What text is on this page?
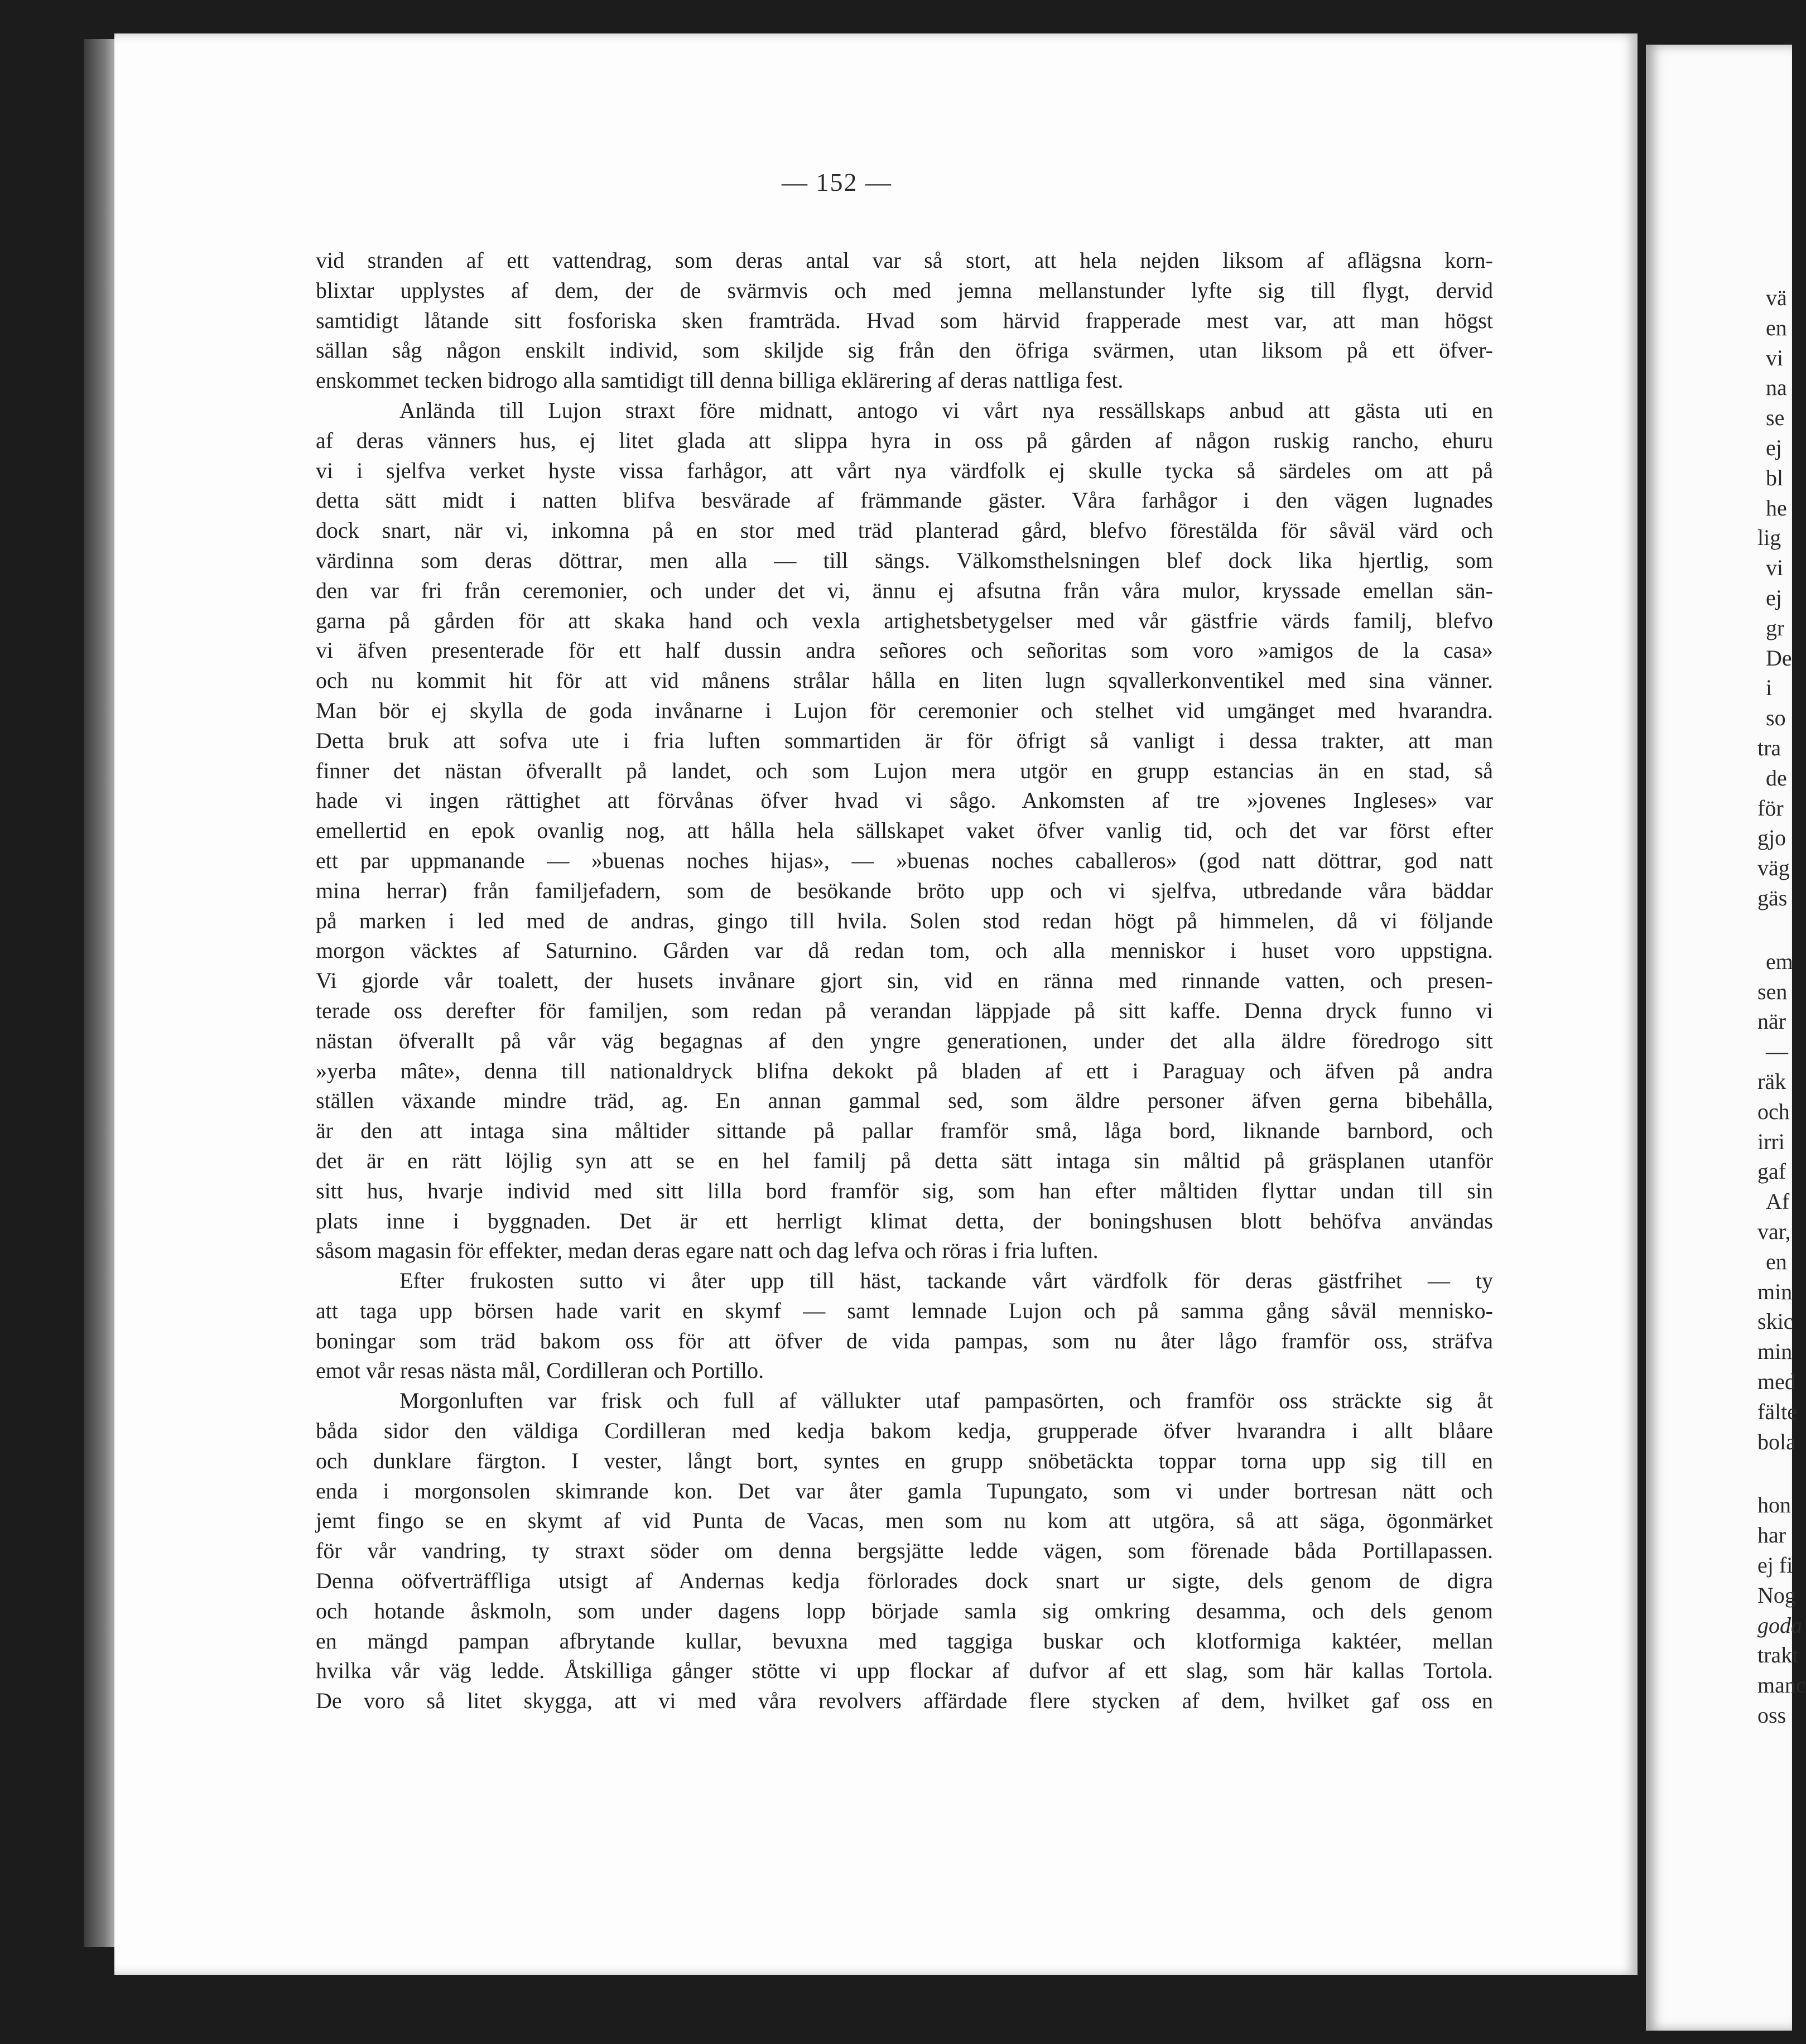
— 152 —
vid stranden af ett vattendrag, som deras antal var så stort, att hela nejden liksom af aflägsna korn-
blixtar upplystes af dem, der de svärmvis och med jemna mellanstunder lyfte sig till flygt, dervid
samtidigt låtande sitt fosforiska sken framträda. Hvad som härvid frapperade mest var, att man högst
sällan såg någon enskilt individ, som skiljde sig från den öfriga svärmen, utan liksom på ett öfver-
enskommet tecken bidrogo alla samtidigt till denna billiga eklärering af deras nattliga fest.
Anlända till Lujon straxt före midnatt, antogo vi vårt nya ressällskaps anbud att gästa uti en
af deras vänners hus, ej litet glada att slippa hyra in oss på gården af någon ruskig rancho, ehuru
vi i sjelfva verket hyste vissa farhågor, att vårt nya värdfolk ej skulle tycka så särdeles om att på
detta sätt midt i natten blifva besvärade af främmande gäster. Våra farhågor i den vägen lugnades
dock snart, när vi, inkomna på en stor med träd planterad gård, blefvo förestälda för såväl värd och
värdinna som deras döttrar, men alla — till sängs. Välkomsthelsningen blef dock lika hjertlig, som
den var fri från ceremonier, och under det vi, ännu ej afsutna från våra mulor, kryssade emellan sän-
garna på gården för att skaka hand och vexla artighetsbetygelser med vår gästfrie värds familj, blefvo
vi äfven presenterade för ett half dussin andra señores och señoritas som voro »amigos de la casa»
och nu kommit hit för att vid månens strålar hålla en liten lugn sqvallerkonventikel med sina vänner.
Man bör ej skylla de goda invånarne i Lujon för ceremonier och stelhet vid umgänget med hvarandra.
Detta bruk att sofva ute i fria luften sommartiden är för öfrigt så vanligt i dessa trakter, att man
finner det nästan öfverallt på landet, och som Lujon mera utgör en grupp estancias än en stad, så
hade vi ingen rättighet att förvånas öfver hvad vi sågo. Ankomsten af tre »jovenes Ingleses» var
emellertid en epok ovanlig nog, att hålla hela sällskapet vaket öfver vanlig tid, och det var först efter
ett par uppmanande — »buenas noches hijas», — »buenas noches caballeros» (god natt döttrar, god natt
mina herrar) från familjefadern, som de besökande bröto upp och vi sjelfva, utbredande våra bäddar
på marken i led med de andras, gingo till hvila. Solen stod redan högt på himmelen, då vi följande
morgon väcktes af Saturnino. Gården var då redan tom, och alla menniskor i huset voro uppstigna.
Vi gjorde vår toalett, der husets invånare gjort sin, vid en ränna med rinnande vatten, och presen-
terade oss derefter för familjen, som redan på verandan läppjade på sitt kaffe. Denna dryck funno vi
nästan öfverallt på vår väg begagnas af den yngre generationen, under det alla äldre föredrogo sitt
»yerba mâte», denna till nationaldryck blifna dekokt på bladen af ett i Paraguay och äfven på andra
ställen växande mindre träd, ag. En annan gammal sed, som äldre personer äfven gerna bibehålla,
är den att intaga sina måltider sittande på pallar framför små, låga bord, liknande barnbord, och
det är en rätt löjlig syn att se en hel familj på detta sätt intaga sin måltid på gräsplanen utanför
sitt hus, hvarje individ med sitt lilla bord framför sig, som han efter måltiden flyttar undan till sin
plats inne i byggnaden. Det är ett herrligt klimat detta, der boningshusen blott behöfva användas
såsom magasin för effekter, medan deras egare natt och dag lefva och röras i fria luften.
Efter frukosten sutto vi åter upp till häst, tackande vårt värdfolk för deras gästfrihet — ty
att taga upp börsen hade varit en skymf — samt lemnade Lujon och på samma gång såväl mennisko-
boningar som träd bakom oss för att öfver de vida pampas, som nu åter lågo framför oss, sträfva
emot vår resas nästa mål, Cordilleran och Portillo.
Morgonluften var frisk och full af vällukter utaf pampasörten, och framför oss sträckte sig åt
båda sidor den väldiga Cordilleran med kedja bakom kedja, grupperade öfver hvarandra i allt blåare
och dunklare färgton. I vester, långt bort, syntes en grupp snöbetäckta toppar torna upp sig till en
enda i morgonsolen skimrande kon. Det var åter gamla Tupungato, som vi under bortresan nätt och
jemt fingo se en skymt af vid Punta de Vacas, men som nu kom att utgöra, så att säga, ögonmärket
för vår vandring, ty straxt söder om denna bergsjätte ledde vägen, som förenade båda Portillapassen.
Denna oöfverträffliga utsigt af Andernas kedja förlorades dock snart ur sigte, dels genom de digra
och hotande åskmoln, som under dagens lopp började samla sig omkring desamma, och dels genom
en mängd pampan afbrytande kullar, bevuxna med taggiga buskar och klotformiga kaktéer, mellan
hvilka vår väg ledde. Åtskilliga gånger stötte vi upp flockar af dufvor af ett slag, som här kallas Tortola.
De voro så litet skygga, att vi med våra revolvers affärdade flere stycken af dem, hvilket gaf oss en
vä
en
vi
na
se
ej
bl
he
lig
vi
ej
gr
De
i
so
tra
de
för
gjo
väg
gäs
em
sen
när
—
räk
och
irri
gaf
Af
var,
en
min
skic
min
med
fälte
bola
hon
har
ej fi
Nog
goda
trakt
manc
oss
